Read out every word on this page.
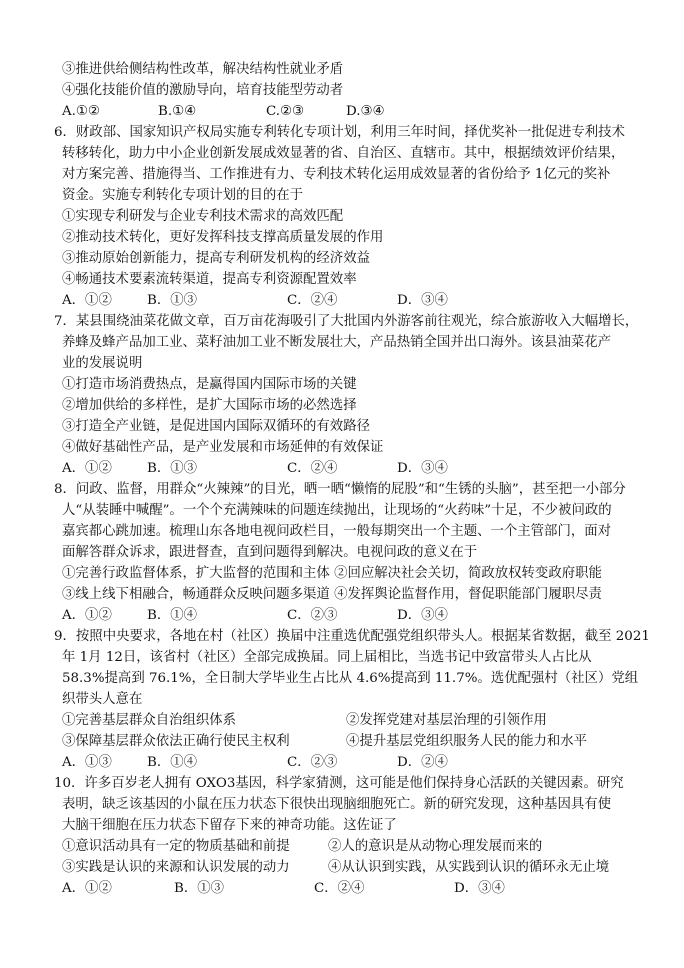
③推进供给侧结构性改革，解决结构性就业矛盾
④强化技能价值的激励导向，培育技能型劳动者
A.①②	B.①④	C.②③	D.③④
6．财政部、国家知识产权局实施专利转化专项计划，利用三年时间，择优奖补一批促进专利技术
转移转化，助力中小企业创新发展成效显著的省、自治区、直辖市。其中，根据绩效评价结果，
对方案完善、措施得当、工作推进有力、专利技术转化运用成效显著的省份给予 1亿元的奖补
资金。实施专利转化专项计划的目的在于
①实现专利研发与企业专利技术需求的高效匹配
②推动技术转化，更好发挥科技支撑高质量发展的作用
③推动原始创新能力，提高专利研发机构的经济效益
④畅通技术要素流转渠道，提高专利资源配置效率
A．①②	B．①③	C．②④	D．③④
7．某县围绕油菜花做文章，百万亩花海吸引了大批国内外游客前往观光，综合旅游收入大幅增长，
养蜂及蜂产品加工业、菜籽油加工业不断发展壮大，产品热销全国并出口海外。该县油菜花产
业的发展说明
①打造市场消费热点，是赢得国内国际市场的关键
②增加供给的多样性，是扩大国际市场的必然选择
③打造全产业链，是促进国内国际双循环的有效路径
④做好基础性产品，是产业发展和市场延伸的有效保证
A．①②	B．①③	C．②④	D．③④
8．问政、监督，用群众“火辣辣”的目光，晒一晒“懒惰的屁股”和“生锈的头脑”，甚至把一小部分
人“从装睡中喊醒”。一个个充满辣味的问题连续抛出，让现场的“火药味”十足，不少被问政的
嘉宾都心跳加速。梳理山东各地电视问政栏目，一般每期突出一个主题、一个主管部门，面对
面解答群众诉求，跟进督查，直到问题得到解决。电视问政的意义在于
①完善行政监督体系，扩大监督的范围和主体 ②回应解决社会关切，简政放权转变政府职能
③线上线下相融合，畅通群众反映问题多渠道 ④发挥舆论监督作用，督促职能部门履职尽责
A．①②	B．①④	C．②③	D．③④
9．按照中央要求，各地在村（社区）换届中注重选优配强党组织带头人。根据某省数据，截至 2021
年 1月 12日，该省村（社区）全部完成换届。同上届相比，当选书记中致富带头人占比从
58.3%提高到 76.1%，全日制大学毕业生占比从 4.6%提高到 11.7%。选优配强村（社区）党组
织带头人意在
①完善基层群众自治组织体系	②发挥党建对基层治理的引领作用
③保障基层群众依法正确行使民主权利	④提升基层党组织服务人民的能力和水平
A．①③	B．①④	C．②③	D．②④
10．许多百岁老人拥有 OXO3基因，科学家猜测，这可能是他们保持身心活跃的关键因素。研究
表明，缺乏该基因的小鼠在压力状态下很快出现脑细胞死亡。新的研究发现，这种基因具有使
大脑干细胞在压力状态下留存下来的神奇功能。这佐证了
①意识活动具有一定的物质基础和前提	②人的意识是从动物心理发展而来的
③实践是认识的来源和认识发展的动力	④从认识到实践，从实践到认识的循环永无止境
A．①②	B．①③	C．②④	D．③④
